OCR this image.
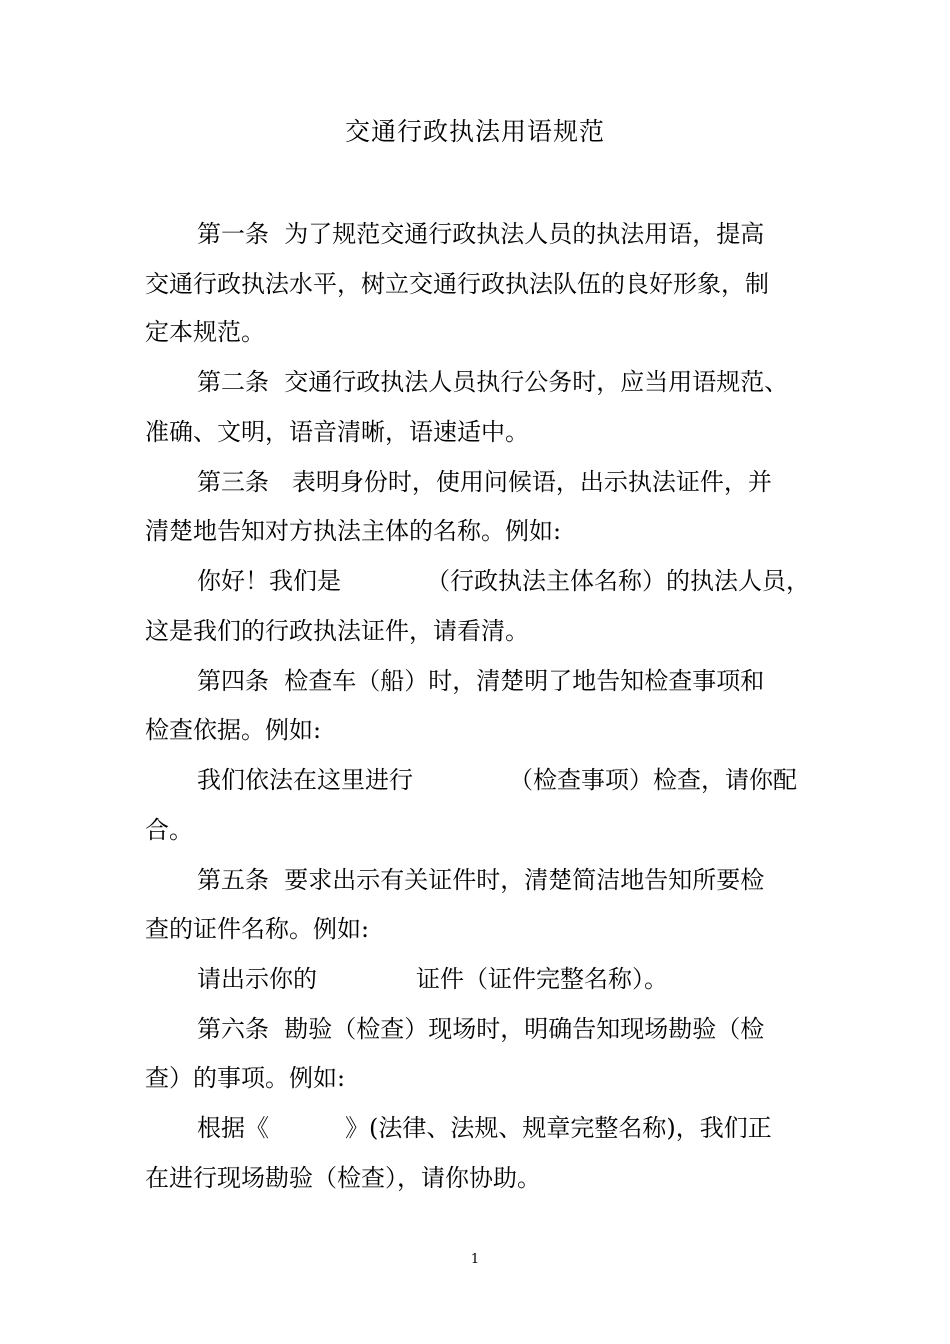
交通行政执法用语规范

第一条  为了规范交通行政执法人员的执法用语，提高

交通行政执法水平，树立交通行政执法队伍的良好形象，制

定本规范。

第二条  交通行政执法人员执行公务时，应当用语规范、

准确、文明，语音清晰，语速适中。

第三条   表明身份时，使用问候语，出示执法证件，并

清楚地告知对方执法主体的名称。例如:

你好！我们是

	（行政执法主体名称）的执法人员，

这是我们的行政执法证件，请看清。

第四条  检查车（船）时，清楚明了地告知检查事项和

检查依据。例如:

我们依法在这里进行

	（检查事项）检查，请你配

合。

第五条  要求出示有关证件时，清楚简洁地告知所要检

查的证件名称。例如:

请出示你的

	证件（证件完整名称）。

第六条  勘验（检查）现场时，明确告知现场勘验（检

查）的事项。例如:

根据《

	》(法律、法规、规章完整名称)，我们正

在进行现场勘验（检查），请你协助。

1
